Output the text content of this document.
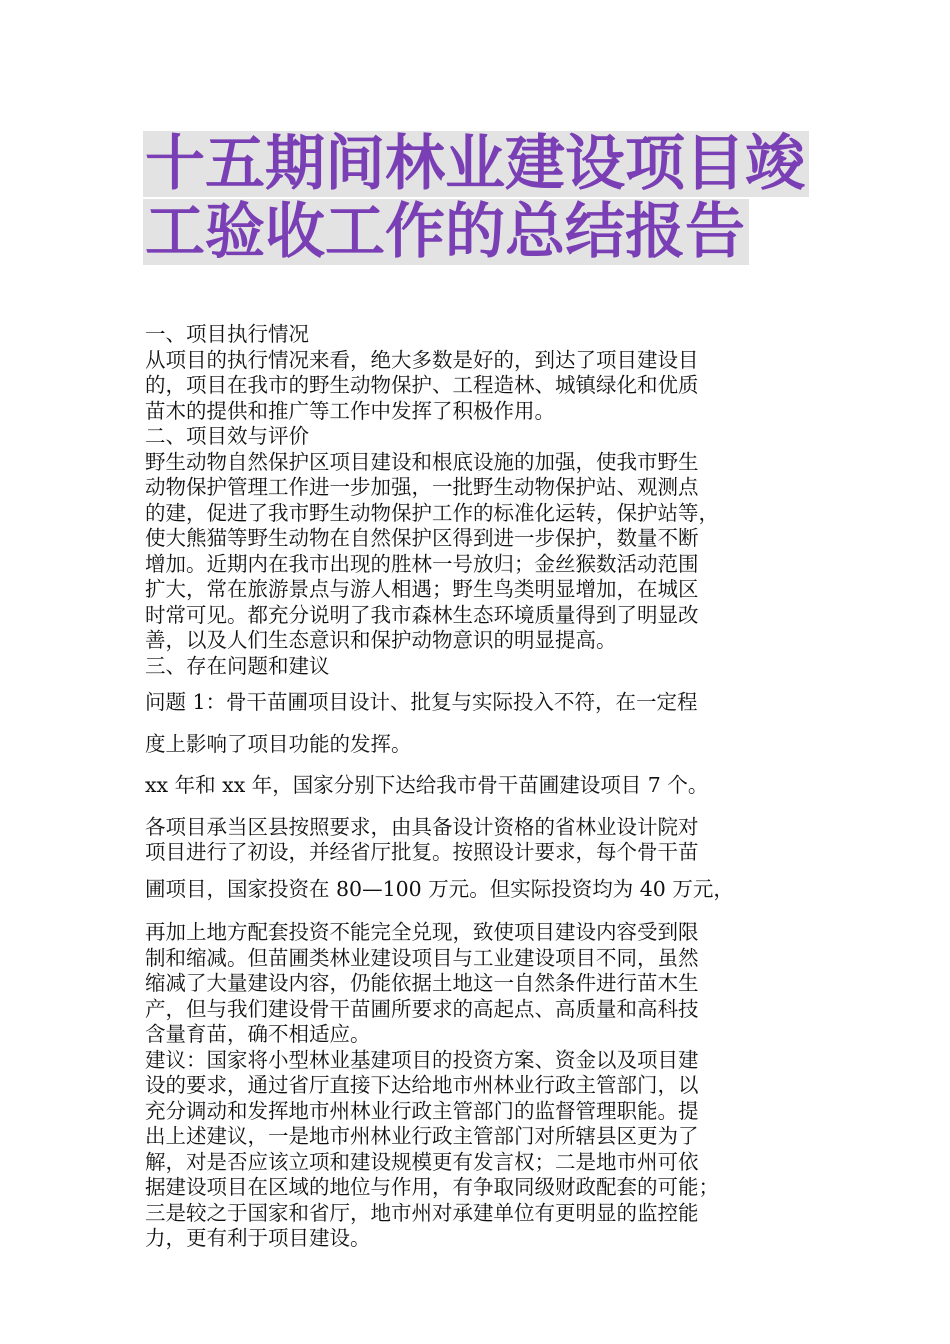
十五期间林业建设项目竣
工验收工作的总结报告

一、项目执行情况

从项目的执行情况来看，绝大多数是好的，到达了项目建设目

的，项目在我市的野生动物保护、工程造林、城镇绿化和优质

苗木的提供和推广等工作中发挥了积极作用。

二、项目效与评价

野生动物自然保护区项目建设和根底设施的加强，使我市野生

动物保护管理工作进一步加强，一批野生动物保护站、观测点

的建，促进了我市野生动物保护工作的标准化运转，保护站等，

使大熊猫等野生动物在自然保护区得到进一步保护，数量不断

增加。近期内在我市出现的胜林一号放归；金丝猴数活动范围

扩大，常在旅游景点与游人相遇；野生鸟类明显增加，在城区

时常可见。都充分说明了我市森林生态环境质量得到了明显改

善，以及人们生态意识和保护动物意识的明显提高。

三、存在问题和建议

问题 1：骨干苗圃项目设计、批复与实际投入不符，在一定程

度上影响了项目功能的发挥。

xx 年和 xx 年，国家分别下达给我市骨干苗圃建设项目 7 个。

各项目承当区县按照要求，由具备设计资格的省林业设计院对

项目进行了初设，并经省厅批复。按照设计要求，每个骨干苗

圃项目，国家投资在 80—100 万元。但实际投资均为 40 万元，

再加上地方配套投资不能完全兑现，致使项目建设内容受到限

制和缩减。但苗圃类林业建设项目与工业建设项目不同，虽然

缩减了大量建设内容，仍能依据土地这一自然条件进行苗木生

产，但与我们建设骨干苗圃所要求的高起点、高质量和高科技

含量育苗，确不相适应。

建议：国家将小型林业基建项目的投资方案、资金以及项目建

设的要求，通过省厅直接下达给地市州林业行政主管部门，以

充分调动和发挥地市州林业行政主管部门的监督管理职能。提

出上述建议，一是地市州林业行政主管部门对所辖县区更为了

解，对是否应该立项和建设规模更有发言权；二是地市州可依

据建设项目在区域的地位与作用，有争取同级财政配套的可能；

三是较之于国家和省厅，地市州对承建单位有更明显的监控能

力，更有利于项目建设。
